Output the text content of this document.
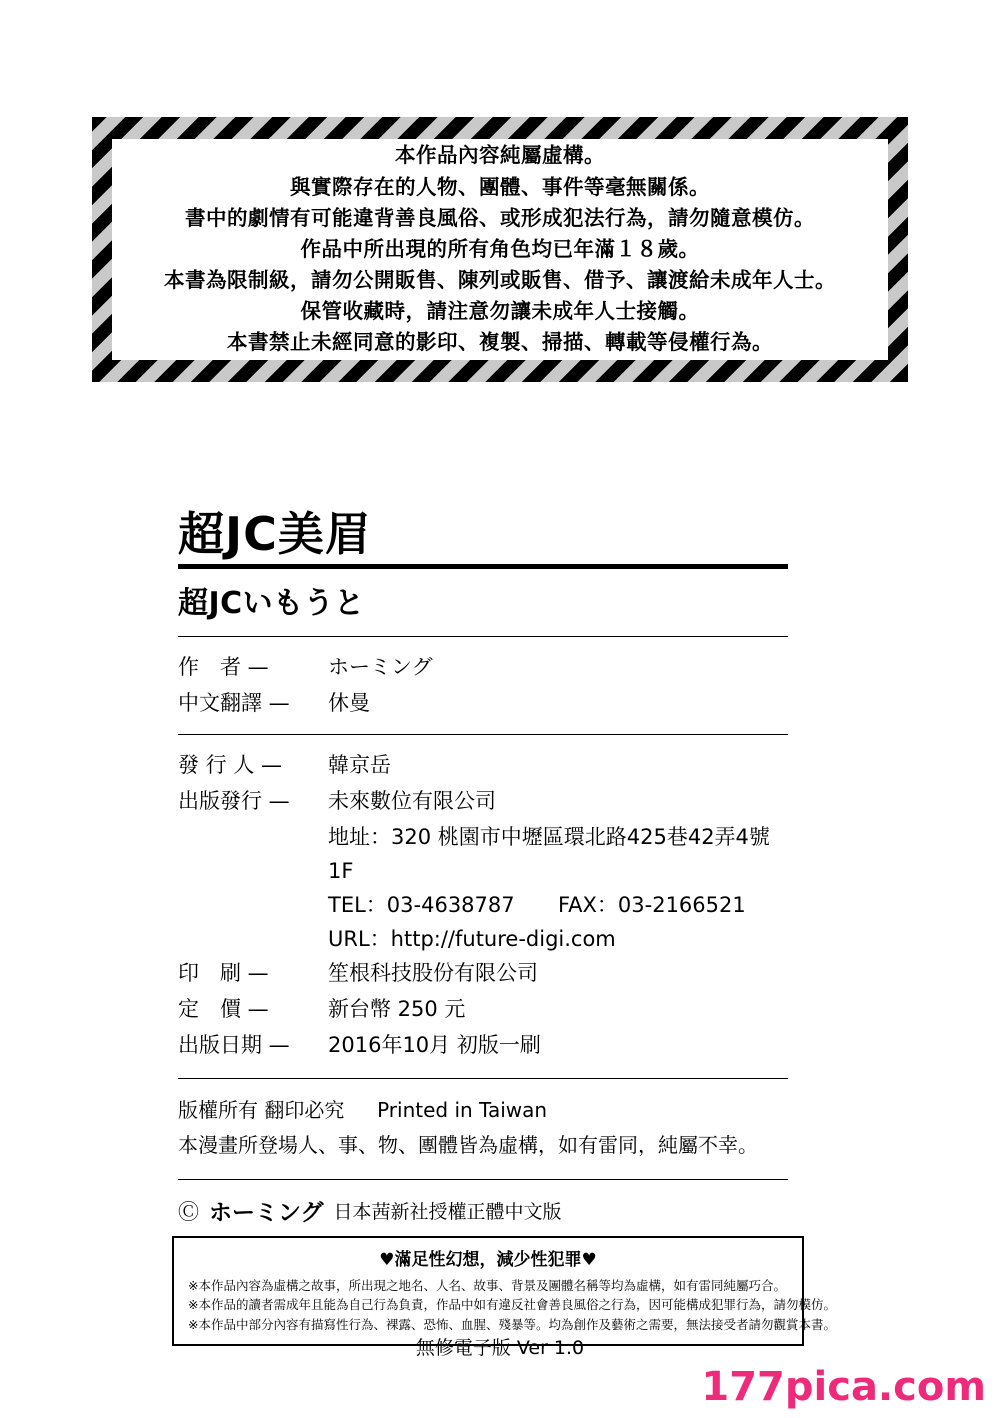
本作品內容純屬虛構。
與實際存在的人物、團體、事件等毫無關係。
書中的劇情有可能違背善良風俗、或形成犯法行為，請勿隨意模仿。
作品中所出現的所有角色均已年滿１８歲。
本書為限制級，請勿公開販售、陳列或販售、借予、讓渡給未成年人士。
保管收藏時，請注意勿讓未成年人士接觸。
本書禁止未經同意的影印、複製、掃描、轉載等侵權行為。
超JC美眉
超JCいもうと
作　者 —	ホーミング
中文翻譯 —	休曼
發 行 人 —	韓京岳
出版發行 —	未來數位有限公司
地址：320 桃園市中壢區環北路425巷42弄4號1F
TEL：03-4638787 FAX：03-2166521
URL：http://future-digi.com
印　刷 —	笙根科技股份有限公司
定　價 —	新台幣 250 元
出版日期 —	2016年10月 初版一刷
版權所有 翻印必究 Printed in Taiwan
本漫畫所登場人、事、物、團體皆為虛構，如有雷同，純屬不幸。
Ⓒ ホーミング 日本茜新社授權正體中文版
♥滿足性幻想，減少性犯罪♥
※本作品內容為虛構之故事，所出現之地名、人名、故事、背景及團體名稱等均為虛構，如有雷同純屬巧合。
※本作品的讀者需成年且能為自己行為負責，作品中如有違反社會善良風俗之行為，因可能構成犯罪行為，請勿模仿。
※本作品中部分內容有描寫性行為、裸露、恐怖、血腥、殘暴等。均為創作及藝術之需要，無法接受者請勿觀賞本書。
無修電子版 Ver 1.0
177pica.com
